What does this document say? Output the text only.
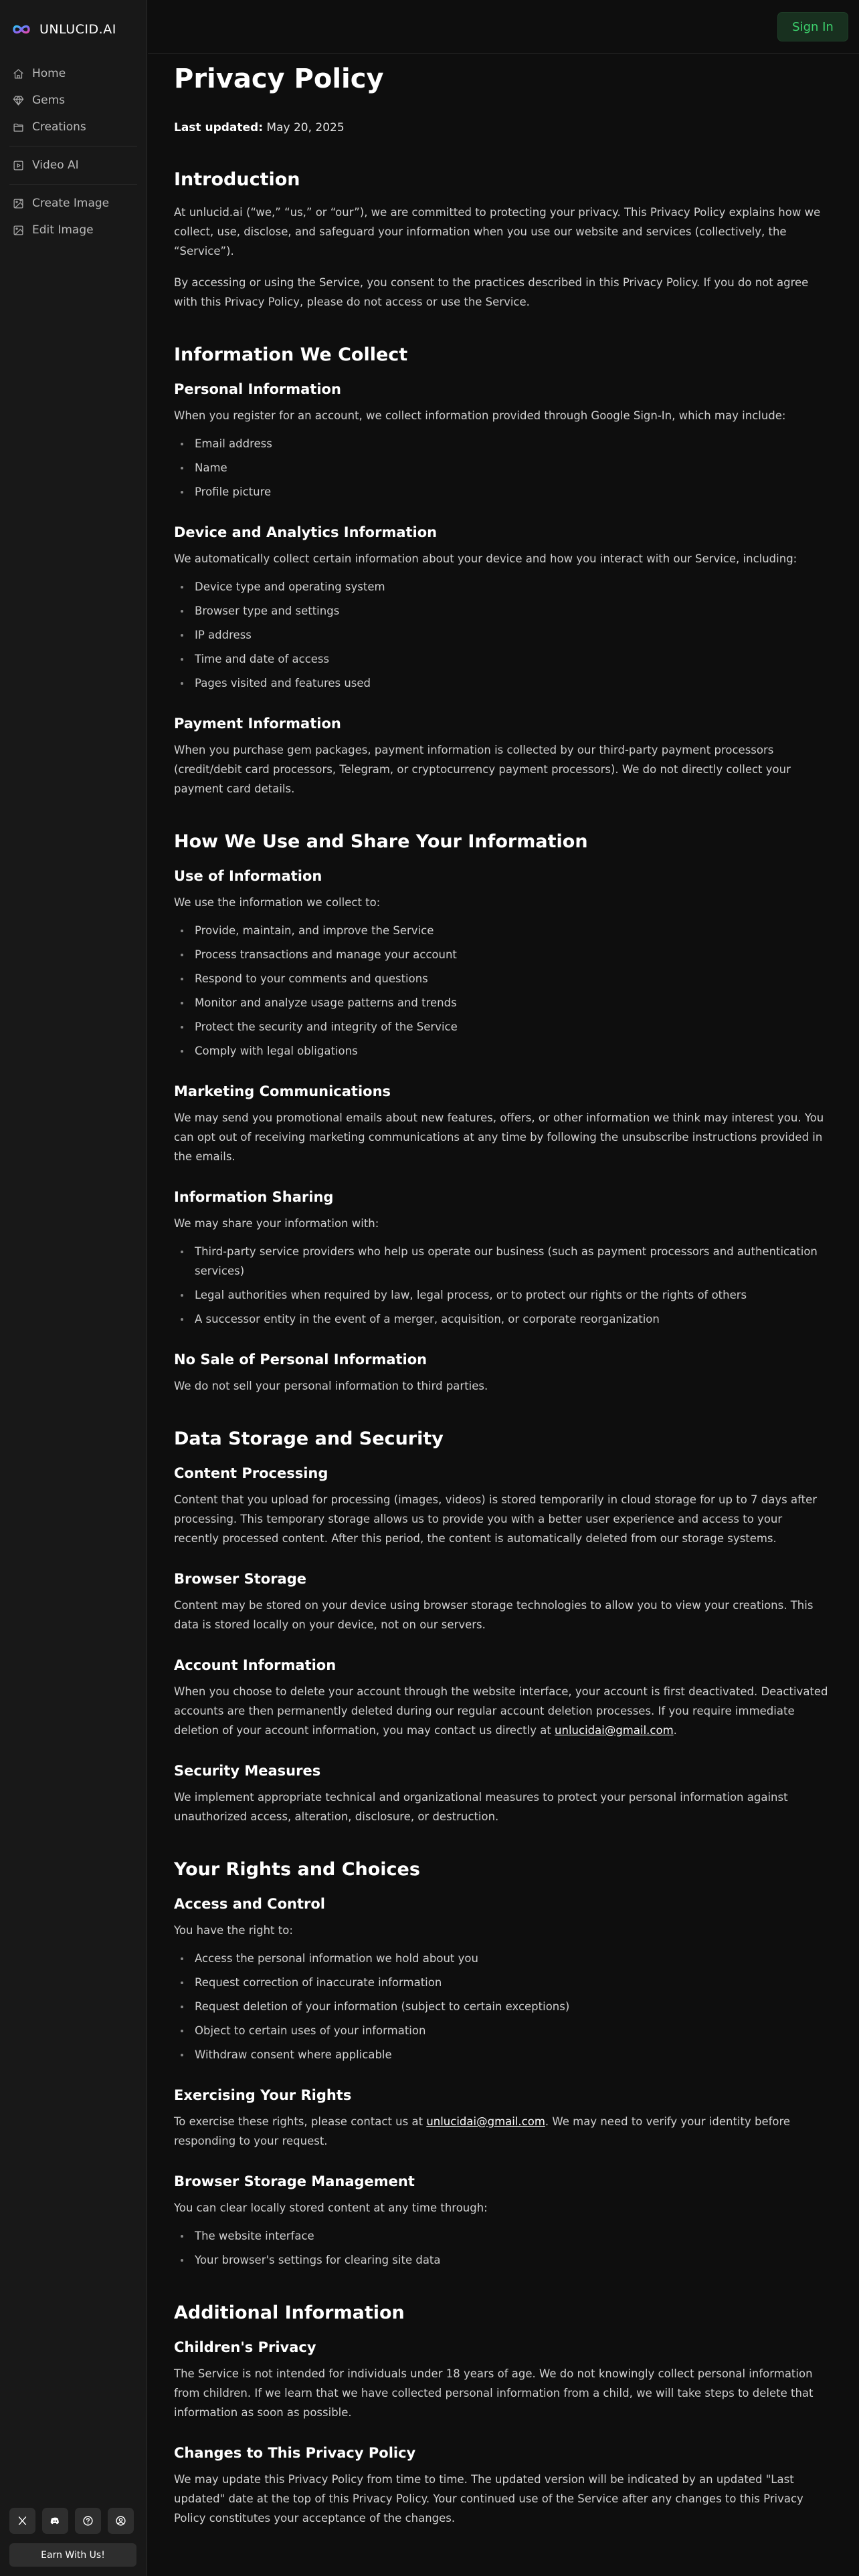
UNLUCID.AI
Home
Gems
Creations
Video AI
Create Image
Edit Image
Earn With Us!
Sign In
Privacy Policy
Last updated: May 20, 2025
Introduction

At unlucid.ai (“we,” “us,” or “our”), we are committed to protecting your privacy. This Privacy Policy explains how we collect, use, disclose, and safeguard your information when you use our website and services (collectively, the “Service”).

By accessing or using the Service, you consent to the practices described in this Privacy Policy. If you do not agree with this Privacy Policy, please do not access or use the Service.

Information We Collect
Personal Information

When you register for an account, we collect information provided through Google Sign-In, which may include:

Email address
Name
Profile picture
Device and Analytics Information

We automatically collect certain information about your device and how you interact with our Service, including:

Device type and operating system
Browser type and settings
IP address
Time and date of access
Pages visited and features used
Payment Information

When you purchase gem packages, payment information is collected by our third-party payment processors (credit/debit card processors, Telegram, or cryptocurrency payment processors). We do not directly collect your payment card details.

How We Use and Share Your Information
Use of Information

We use the information we collect to:

Provide, maintain, and improve the Service
Process transactions and manage your account
Respond to your comments and questions
Monitor and analyze usage patterns and trends
Protect the security and integrity of the Service
Comply with legal obligations
Marketing Communications

We may send you promotional emails about new features, offers, or other information we think may interest you. You can opt out of receiving marketing communications at any time by following the unsubscribe instructions provided in the emails.

Information Sharing

We may share your information with:

Third-party service providers who help us operate our business (such as payment processors and authentication services)
Legal authorities when required by law, legal process, or to protect our rights or the rights of others
A successor entity in the event of a merger, acquisition, or corporate reorganization
No Sale of Personal Information

We do not sell your personal information to third parties.

Data Storage and Security
Content Processing

Content that you upload for processing (images, videos) is stored temporarily in cloud storage for up to 7 days after processing. This temporary storage allows us to provide you with a better user experience and access to your recently processed content. After this period, the content is automatically deleted from our storage systems.

Browser Storage

Content may be stored on your device using browser storage technologies to allow you to view your creations. This data is stored locally on your device, not on our servers.

Account Information

When you choose to delete your account through the website interface, your account is first deactivated. Deactivated accounts are then permanently deleted during our regular account deletion processes. If you require immediate deletion of your account information, you may contact us directly at unlucidai@gmail.com.

Security Measures

We implement appropriate technical and organizational measures to protect your personal information against unauthorized access, alteration, disclosure, or destruction.

Your Rights and Choices
Access and Control

You have the right to:

Access the personal information we hold about you
Request correction of inaccurate information
Request deletion of your information (subject to certain exceptions)
Object to certain uses of your information
Withdraw consent where applicable
Exercising Your Rights

To exercise these rights, please contact us at unlucidai@gmail.com. We may need to verify your identity before responding to your request.

Browser Storage Management

You can clear locally stored content at any time through:

The website interface
Your browser's settings for clearing site data
Additional Information
Children's Privacy

The Service is not intended for individuals under 18 years of age. We do not knowingly collect personal information from children. If we learn that we have collected personal information from a child, we will take steps to delete that information as soon as possible.

Changes to This Privacy Policy

We may update this Privacy Policy from time to time. The updated version will be indicated by an updated "Last updated" date at the top of this Privacy Policy. Your continued use of the Service after any changes to this Privacy Policy constitutes your acceptance of the changes.
